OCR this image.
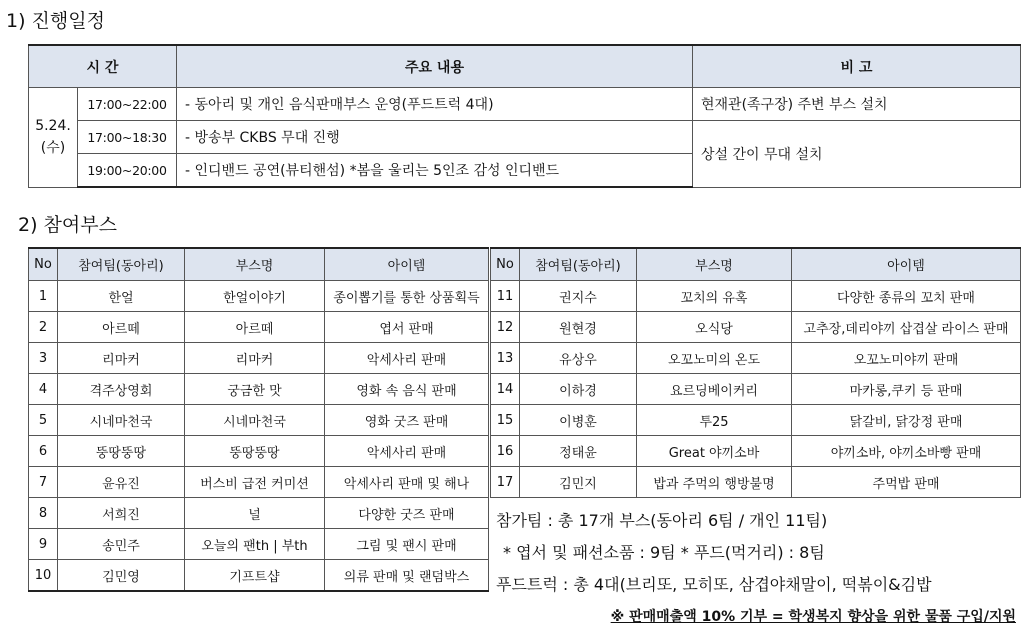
1) 진행일정
시 간		주요 내용	비 고
5.24.
(수)	17:00~22:00	- 동아리 및 개인 음식판매부스 운영(푸드트럭 4대)	현재관(족구장) 주변 부스 설치
	17:00~18:30	- 방송부 CKBS 무대 진행	상설 간이 무대 설치
	19:00~20:00	- 인디밴드 공연(뷰티핸섬) *봄을 울리는 5인조 감성 인디밴드	
2) 참여부스
No	참여팀(동아리)	부스명	아이템
1	한얼	한얼이야기	종이뽑기를 통한 상품획득
2	아르떼	아르떼	엽서 판매
3	리마커	리마커	악세사리 판매
4	격주상영회	궁금한 맛	영화 속 음식 판매
5	시네마천국	시네마천국	영화 굿즈 판매
6	뚱땅뚱땅	뚱땅뚱땅	악세사리 판매
7	윤유진	버스비 급전 커미션	악세사리 판매 및 해나
8	서희진	널	다양한 굿즈 판매
9	송민주	오늘의 팬th | 부th	그림 및 팬시 판매
10	김민영	기프트샵	의류 판매 및 랜덤박스
No	참여팀(동아리)	부스명	아이템
11	권지수	꼬치의 유혹	다양한 종류의 꼬치 판매
12	원현경	오식당	고추장,데리야끼 삽겹살 라이스 판매
13	유상우	오꼬노미의 온도	오꼬노미야끼 판매
14	이하경	요르딩베이커리	마카롱,쿠키 등 판매
15	이병훈	투25	닭갈비, 닭강정 판매
16	정태윤	Great 야끼소바	야끼소바, 야끼소바빵 판매
17	김민지	밥과 주먹의 행방불명	주먹밥 판매
참가팀 : 총 17개 부스(동아리 6팀 / 개인 11팀)
* 엽서 및 패션소품 : 9팀 * 푸드(먹거리) : 8팀
푸드트럭 : 총 4대(브리또, 모히또, 삼겹야채말이, 떡볶이&김밥
※ 판매매출액 10% 기부 = 학생복지 향상을 위한 물품 구입/지원
